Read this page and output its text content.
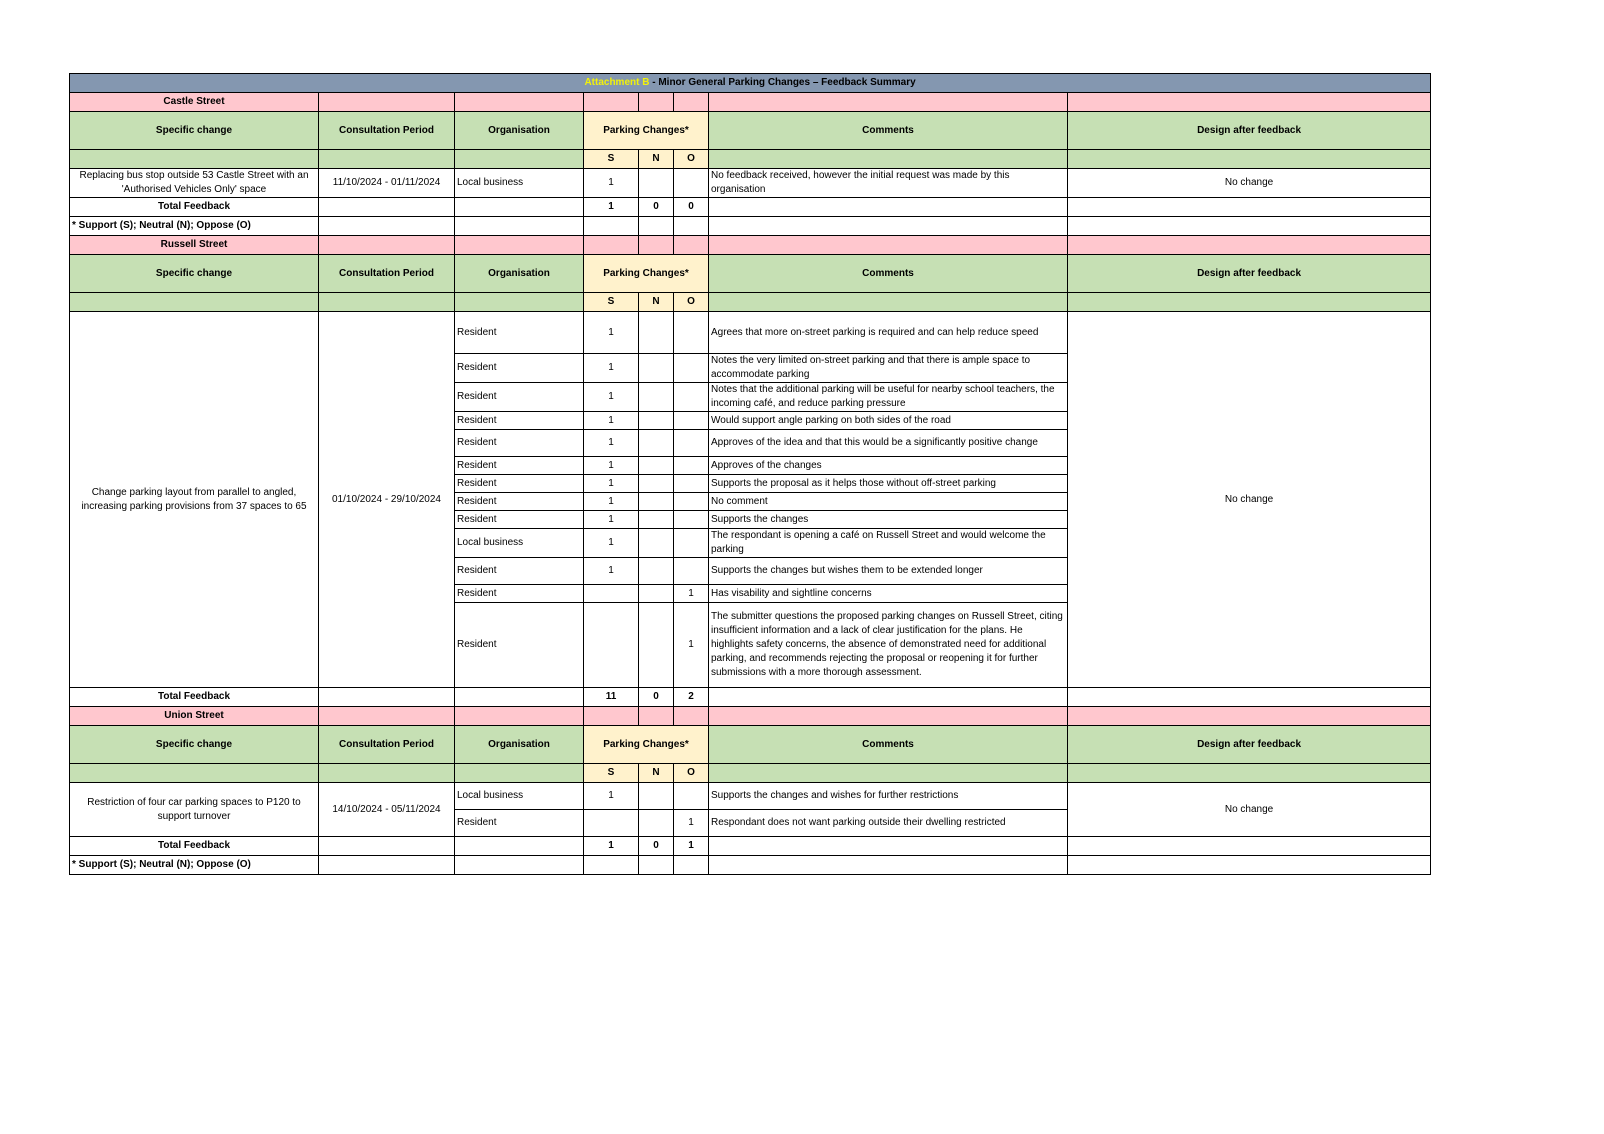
Attachment B - Minor General Parking Changes – Feedback Summary							
Castle Street							
Specific change	Consultation Period	Organisation	Parking Changes*			Comments	Design after feedback
			S	N	O		
Replacing bus stop outside 53 Castle Street with an 'Authorised Vehicles Only' space	11/10/2024 - 01/11/2024	Local business	1			No feedback received, however the initial request was made by this organisation	No change
Total Feedback			1	0	0		
* Support (S); Neutral (N); Oppose (O)							
Russell Street							
Specific change	Consultation Period	Organisation	Parking Changes*			Comments	Design after feedback
			S	N	O		
Change parking layout from parallel to angled, increasing parking provisions from 37 spaces to 65	01/10/2024 - 29/10/2024	Resident	1			Agrees that more on-street parking is required and can help reduce speed	No change
		Resident	1			Notes the very limited on-street parking and that there is ample space to accommodate parking	
		Resident	1			Notes that the additional parking will be useful for nearby school teachers, the incoming café, and reduce parking pressure	
		Resident	1			Would support angle parking on both sides of the road	
		Resident	1			Approves of the idea and that this would be a significantly positive change	
		Resident	1			Approves of the changes	
		Resident	1			Supports the proposal as it helps those without off-street parking	
		Resident	1			No comment	
		Resident	1			Supports the changes	
		Local business	1			The respondant is opening a café on Russell Street and would welcome the parking	
		Resident	1			Supports the changes but wishes them to be extended longer	
		Resident			1	Has visability and sightline concerns	
		Resident			1	The submitter questions the proposed parking changes on Russell Street, citing insufficient information and a lack of clear justification for the plans. He highlights safety concerns, the absence of demonstrated need for additional parking, and recommends rejecting the proposal or reopening it for further submissions with a more thorough assessment.	
Total Feedback			11	0	2		
Union Street							
Specific change	Consultation Period	Organisation	Parking Changes*			Comments	Design after feedback
			S	N	O		
Restriction of four car parking spaces to P120 to support turnover	14/10/2024 - 05/11/2024	Local business	1			Supports the changes and wishes for further restrictions	No change
		Resident			1	Respondant does not want parking outside their dwelling restricted	
Total Feedback			1	0	1		
* Support (S); Neutral (N); Oppose (O)							
